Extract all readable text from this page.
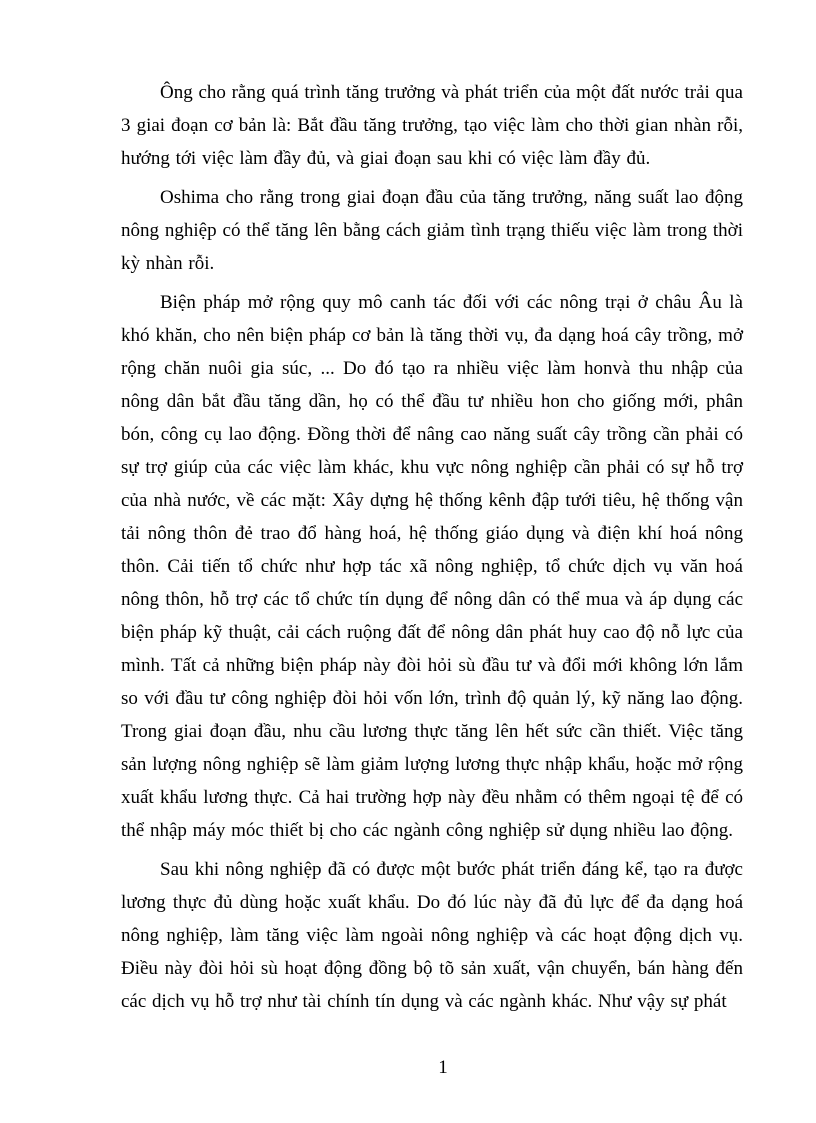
Ông cho rằng quá trình tăng trưởng và phát triển của một đất nước trải qua 3 giai đoạn cơ bản là: Bắt đầu tăng trưởng, tạo việc làm cho thời gian nhàn rỗi, hướng tới việc làm đầy đủ, và giai đoạn sau khi có việc làm đầy đủ.

Oshima cho rằng trong giai đoạn đầu của tăng trưởng, năng suất lao động nông nghiệp có thể tăng lên bằng cách giảm tình trạng thiếu việc làm trong thời kỳ nhàn rỗi.

Biện pháp mở rộng quy mô canh tác đối với các nông trại ở châu Âu là khó khăn, cho nên biện pháp cơ bản là tăng thời vụ, đa dạng hoá cây trồng, mở rộng chăn nuôi gia súc, ... Do đó tạo ra nhiều việc làm honvà thu nhập của nông dân bắt đầu tăng dần, họ có thể đầu tư nhiều hon cho giống mới, phân bón, công cụ lao động. Đồng thời để nâng cao năng suất cây trồng cần phải có sự trợ giúp của các việc làm khác, khu vực nông nghiệp cần phải có sự hỗ trợ của nhà nước, về các mặt: Xây dựng hệ thống kênh đập tưới tiêu, hệ thống vận tải nông thôn đẻ trao đổ hàng hoá, hệ thống giáo dụng và điện khí hoá nông thôn. Cải tiến tổ chức như hợp tác xã nông nghiệp, tổ chức dịch vụ văn hoá nông thôn, hỗ trợ các tổ chức tín dụng để nông dân có thể mua và áp dụng các biện pháp kỹ thuật, cải cách ruộng đất để nông dân phát huy cao độ nỗ lực của mình. Tất cả những biện pháp này đòi hỏi sù đầu tư và đổi mới không lớn lắm so với đầu tư công nghiệp đòi hỏi vốn lớn, trình độ quản lý, kỹ năng lao động. Trong giai đoạn đầu, nhu cầu lương thực tăng lên hết sức cần thiết. Việc tăng sản lượng nông nghiệp sẽ làm giảm lượng lương thực nhập khẩu, hoặc mở rộng xuất khẩu lương thực. Cả hai trường hợp này đều nhằm có thêm ngoại tệ để có thể nhập máy móc thiết bị cho các ngành công nghiệp sử dụng nhiều lao động.

Sau khi nông nghiệp đã có được một bước phát triển đáng kể, tạo ra được lương thực đủ dùng hoặc xuất khẩu. Do đó lúc này đã đủ lực để đa dạng hoá nông nghiệp, làm tăng việc làm ngoài nông nghiệp và các hoạt động dịch vụ. Điều này đòi hỏi sù hoạt động đồng bộ tõ sản xuất, vận chuyển, bán hàng đến các dịch vụ hỗ trợ như tài chính tín dụng và các ngành khác. Như vậy sự phát

1
